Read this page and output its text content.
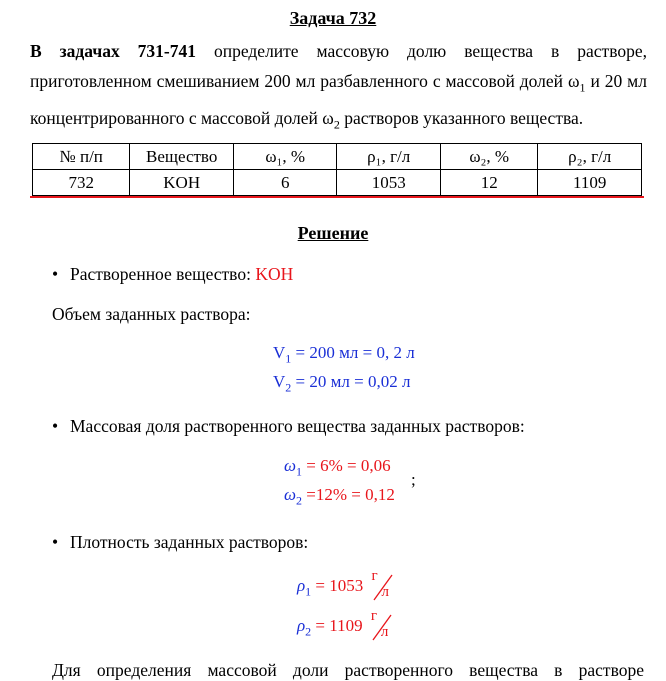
Задача 732
В задачах 731-741 определите массовую долю вещества в растворе, приготовленном смешиванием 200 мл разбавленного с массовой долей $\omega_1$ и 20 мл концентрированного с массовой долей $\omega_2$ растворов указанного вещества.
№ п/п	Вещество	ω₁, %	ρ₁, г/л	ω₂, %	ρ₂, г/л
732	KOH	6	1053	12	1109
Решение
• Растворенное вещество: KOH
Объем заданных раствора:
$V_1 = 200$ мл = 0, 2 л
$V_2 = 20$ мл = 0,02 л
• Массовая доля растворенного вещества заданных растворов:
$\omega_1 = 6\% = 0,06$
$\omega_2 =12\% = 0,12$
;
• Плотность заданных растворов:
$\rho_1 = 1053$ г
л
$\rho_2 = 1109$ г
л
Для определения массовой доли растворенного вещества в растворе
